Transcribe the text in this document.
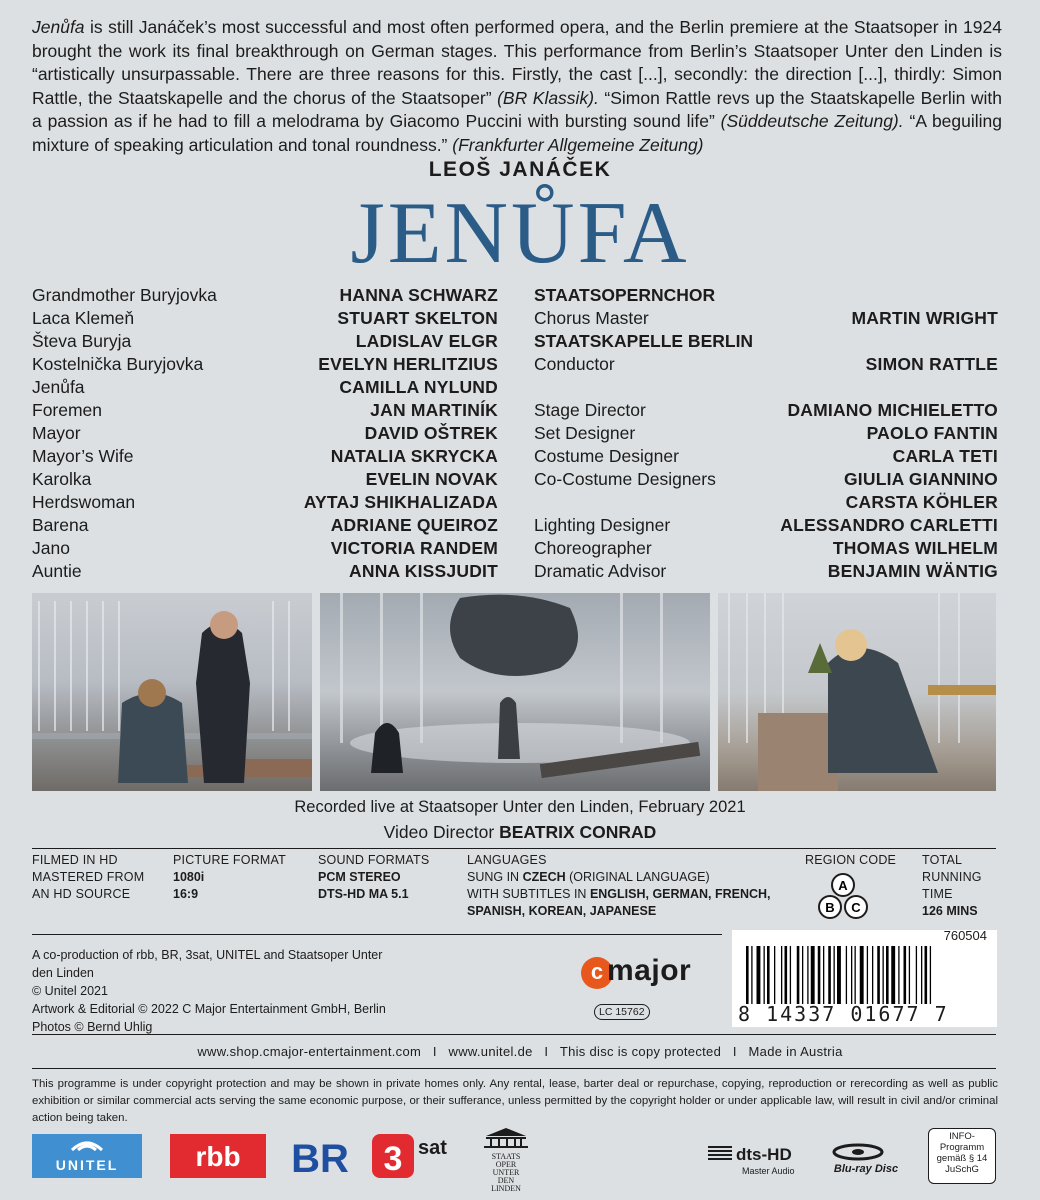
Jenůfa is still Janáček’s most successful and most often performed opera, and the Berlin premiere at the Staatsoper in 1924 brought the work its final breakthrough on German stages. This performance from Berlin’s Staatsoper Unter den Linden is “artistically unsurpassable. There are three reasons for this. Firstly, the cast [...], secondly: the direction [...], thirdly: Simon Rattle, the Staatskapelle and the chorus of the Staatsoper” (BR Klassik). “Simon Rattle revs up the Staatskapelle Berlin with a passion as if he had to fill a melodrama by Giacomo Puccini with bursting sound life” (Süddeutsche Zeitung). “A beguiling mixture of speaking articulation and tonal roundness.” (Frankfurter Allgemeine Zeitung)
LEOŠ JANÁČEK
JENŮFA
Grandmother Buryjovka	HANNA SCHWARZ
Laca Klemeň	STUART SKELTON
Števa Buryja	LADISLAV ELGR
Kostelnička Buryjovka	EVELYN HERLITZIUS
Jenůfa	CAMILLA NYLUND
Foremen	JAN MARTINÍK
Mayor	DAVID OŠTREK
Mayor’s Wife	NATALIA SKRYCKA
Karolka	EVELIN NOVAK
Herdswoman	AYTAJ SHIKHALIZADA
Barena	ADRIANE QUEIROZ
Jano	VICTORIA RANDEM
Auntie	ANNA KISSJUDIT
STAATSOPERNCHOR
Chorus Master	MARTIN WRIGHT
STAATSKAPELLE BERLIN
Conductor	SIMON RATTLE
Stage Director	DAMIANO MICHIELETTO
Set Designer	PAOLO FANTIN
Costume Designer	CARLA TETI
Co-Costume Designers	GIULIA GIANNINO
CARSTA KÖHLER
Lighting Designer	ALESSANDRO CARLETTI
Choreographer	THOMAS WILHELM
Dramatic Advisor	BENJAMIN WÄNTIG
Recorded live at Staatsoper Unter den Linden, February 2021
Video Director BEATRIX CONRAD
FILMED IN HD
MASTERED FROM
AN HD SOURCE
PICTURE FORMAT
1080i
16:9
SOUND FORMATS
PCM STEREO
DTS-HD MA 5.1
LANGUAGES
SUNG IN CZECH (ORIGINAL LANGUAGE)
WITH SUBTITLES IN ENGLISH, GERMAN, FRENCH,
SPANISH, KOREAN, JAPANESE
REGION CODE
A
B C
TOTAL
RUNNING TIME
126 MINS
A co-production of rbb, BR, 3sat, UNITEL and Staatsoper Unter den Linden
© Unitel 2021
Artwork & Editorial © 2022 C Major Entertainment GmbH, Berlin
Photos © Bernd Uhlig
c major
LC 15762
760504
8 14337 01677 7
www.shop.cmajor-entertainment.com I www.unitel.de I This disc is copy protected I Made in Austria
This programme is under copyright protection and may be shown in private homes only. Any rental, lease, barter deal or repurchase, copying, reproduction or rerecording as well as public exhibition or similar commercial acts serving the same economic purpose, or their sufferance, unless permitted by the copyright holder or under applicable law, will result in civil and/or criminal action being taken.
UNITEL	rbb BR 3 sat	STAATS OPER UNTER DEN LINDEN
dts-HD
Master Audio	Blu-ray Disc
INFO-Programm gemäß § 14 JuSchG
